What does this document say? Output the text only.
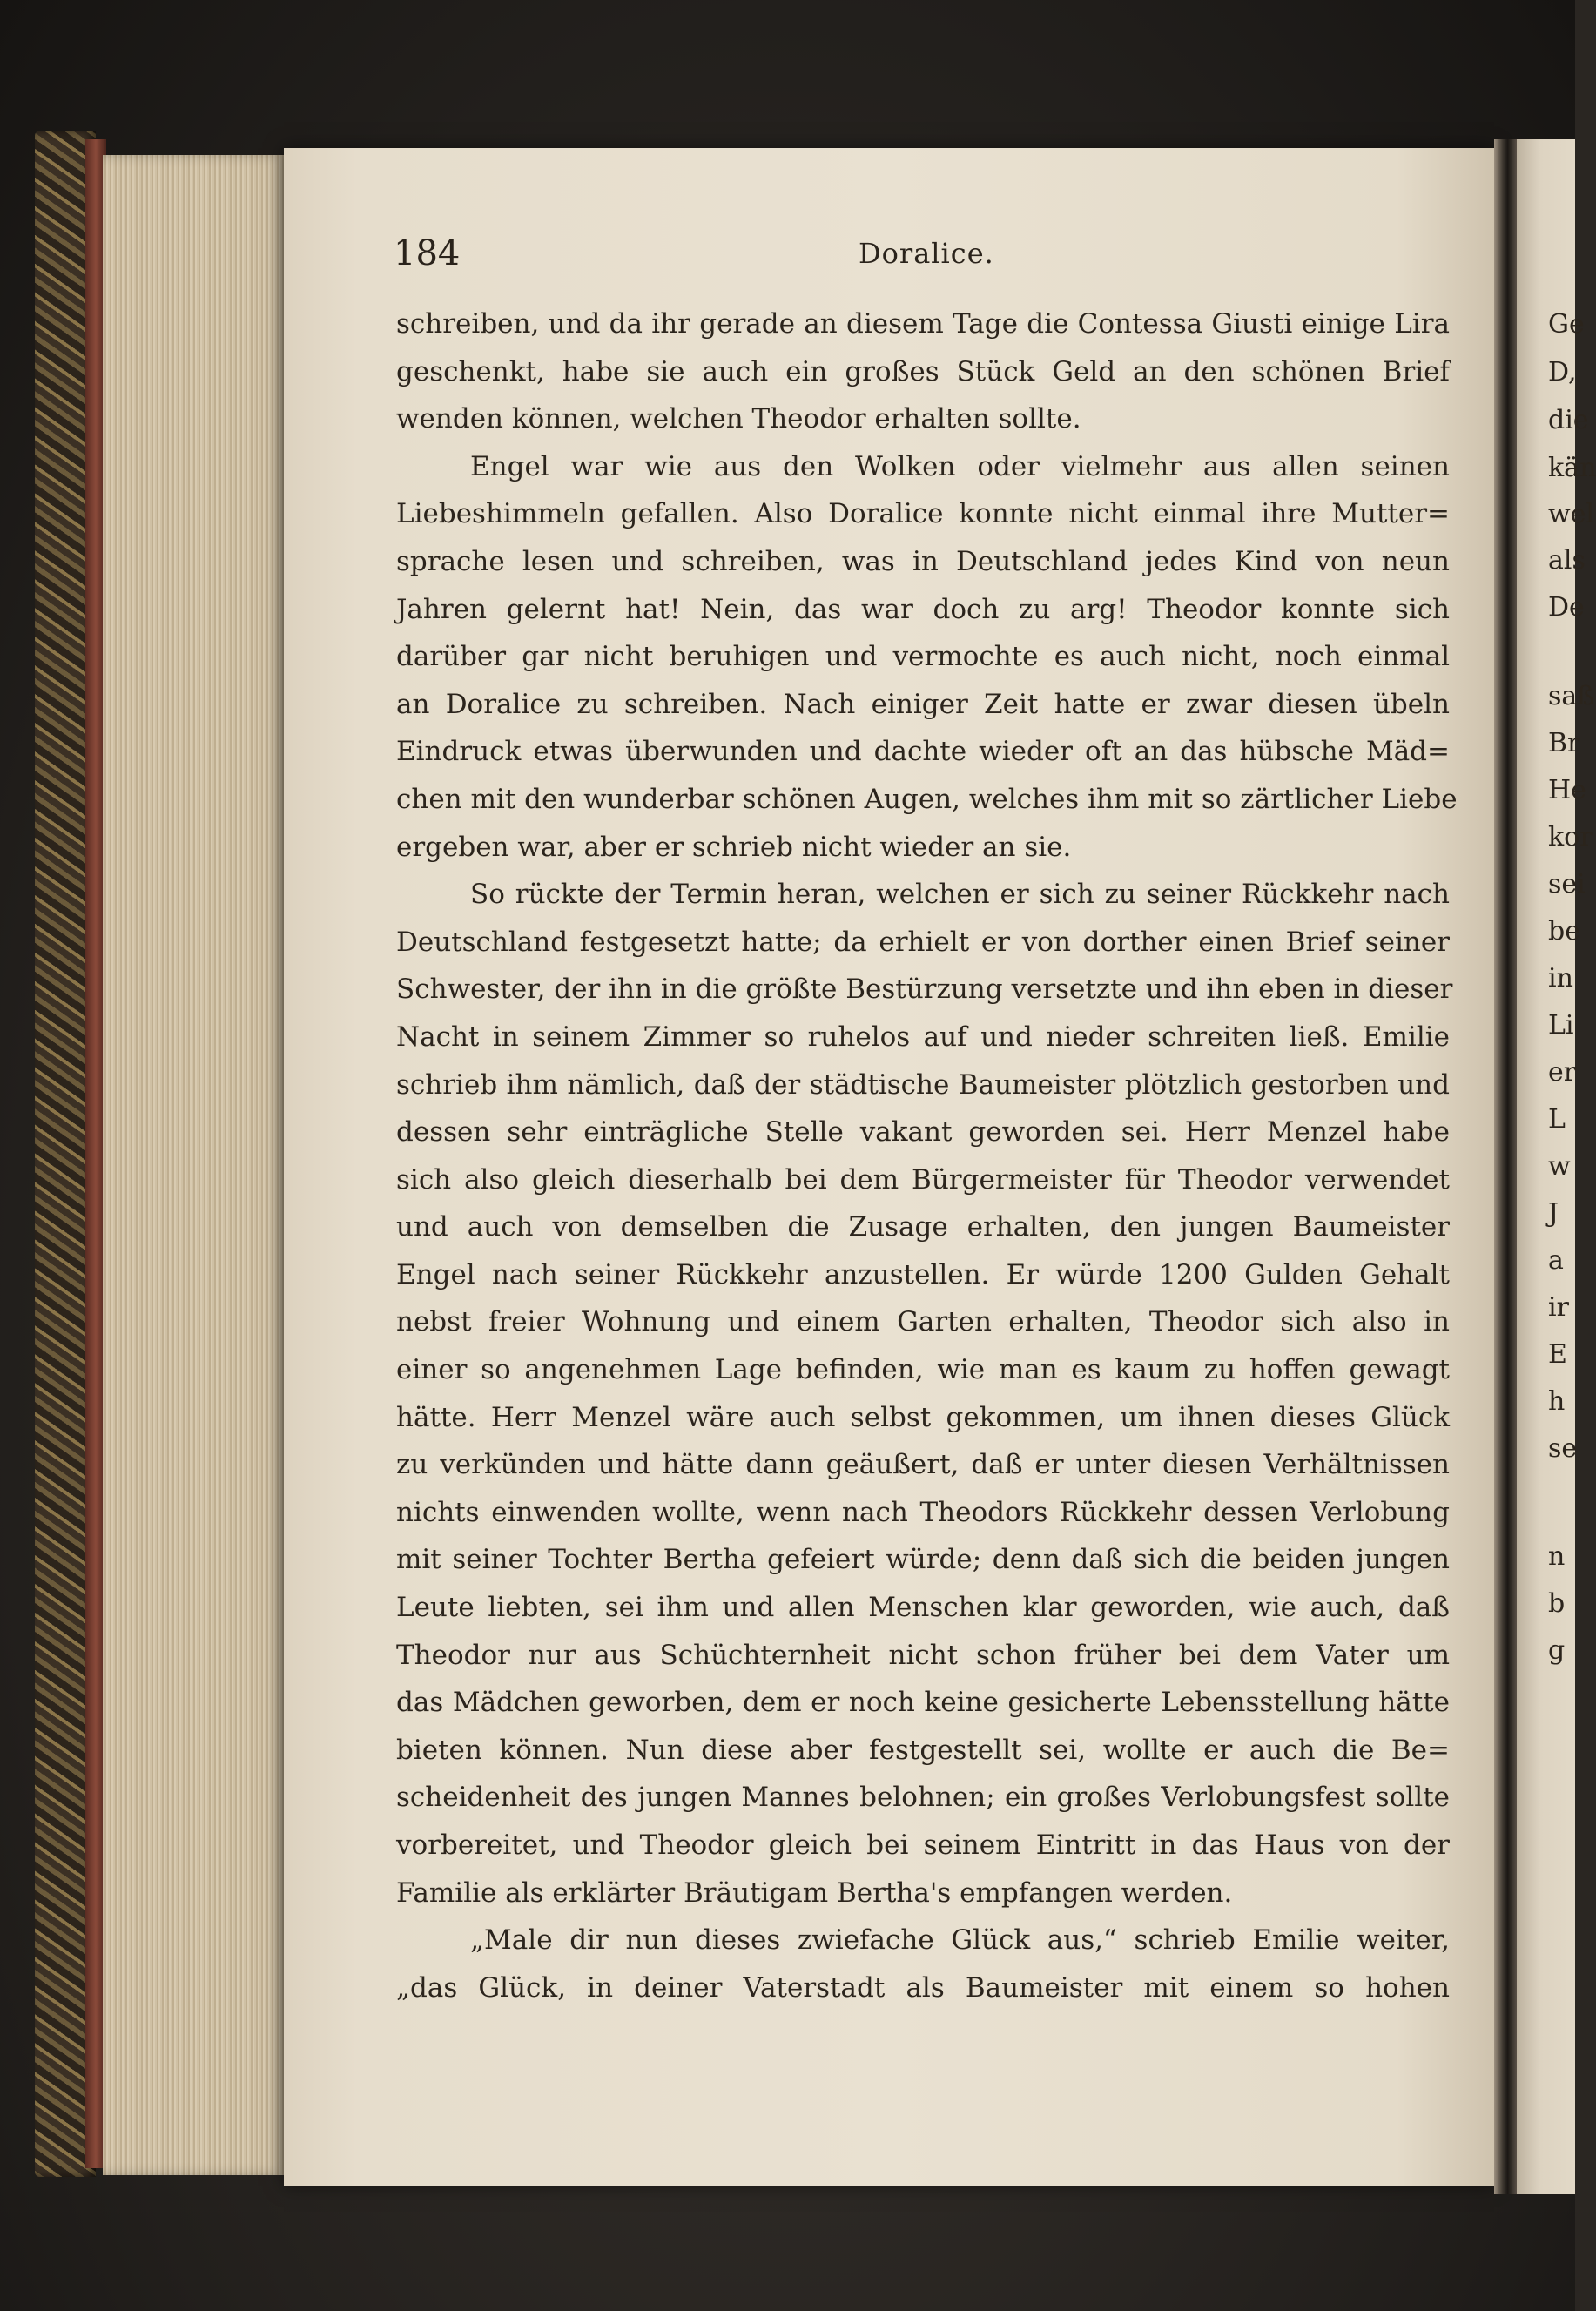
Ge
D,
die
kän
wel
als
De
saß
Br
He
kor
sei
be
in
Li
er
L
w
J
a
ir
E
h
se
n
b
g
184	Doralice.
schreiben, und da ihr gerade an diesem Tage die Contessa Giusti einige Lira
geschenkt, habe sie auch ein großes Stück Geld an den schönen Brief
wenden können, welchen Theodor erhalten sollte.
Engel war wie aus den Wolken oder vielmehr aus allen seinen
Liebeshimmeln gefallen. Also Doralice konnte nicht einmal ihre Mutter=
sprache lesen und schreiben, was in Deutschland jedes Kind von neun
Jahren gelernt hat! Nein, das war doch zu arg! Theodor konnte sich
darüber gar nicht beruhigen und vermochte es auch nicht, noch einmal
an Doralice zu schreiben. Nach einiger Zeit hatte er zwar diesen übeln
Eindruck etwas überwunden und dachte wieder oft an das hübsche Mäd=
chen mit den wunderbar schönen Augen, welches ihm mit so zärtlicher Liebe
ergeben war, aber er schrieb nicht wieder an sie.
So rückte der Termin heran, welchen er sich zu seiner Rückkehr nach
Deutschland festgesetzt hatte; da erhielt er von dorther einen Brief seiner
Schwester, der ihn in die größte Bestürzung versetzte und ihn eben in dieser
Nacht in seinem Zimmer so ruhelos auf und nieder schreiten ließ. Emilie
schrieb ihm nämlich, daß der städtische Baumeister plötzlich gestorben und
dessen sehr einträgliche Stelle vakant geworden sei. Herr Menzel habe
sich also gleich dieserhalb bei dem Bürgermeister für Theodor verwendet
und auch von demselben die Zusage erhalten, den jungen Baumeister
Engel nach seiner Rückkehr anzustellen. Er würde 1200 Gulden Gehalt
nebst freier Wohnung und einem Garten erhalten, Theodor sich also in
einer so angenehmen Lage befinden, wie man es kaum zu hoffen gewagt
hätte. Herr Menzel wäre auch selbst gekommen, um ihnen dieses Glück
zu verkünden und hätte dann geäußert, daß er unter diesen Verhältnissen
nichts einwenden wollte, wenn nach Theodors Rückkehr dessen Verlobung
mit seiner Tochter Bertha gefeiert würde; denn daß sich die beiden jungen
Leute liebten, sei ihm und allen Menschen klar geworden, wie auch, daß
Theodor nur aus Schüchternheit nicht schon früher bei dem Vater um
das Mädchen geworben, dem er noch keine gesicherte Lebensstellung hätte
bieten können. Nun diese aber festgestellt sei, wollte er auch die Be=
scheidenheit des jungen Mannes belohnen; ein großes Verlobungsfest sollte
vorbereitet, und Theodor gleich bei seinem Eintritt in das Haus von der
Familie als erklärter Bräutigam Bertha's empfangen werden.
„Male dir nun dieses zwiefache Glück aus,“ schrieb Emilie weiter,
„das Glück, in deiner Vaterstadt als Baumeister mit einem so hohen
